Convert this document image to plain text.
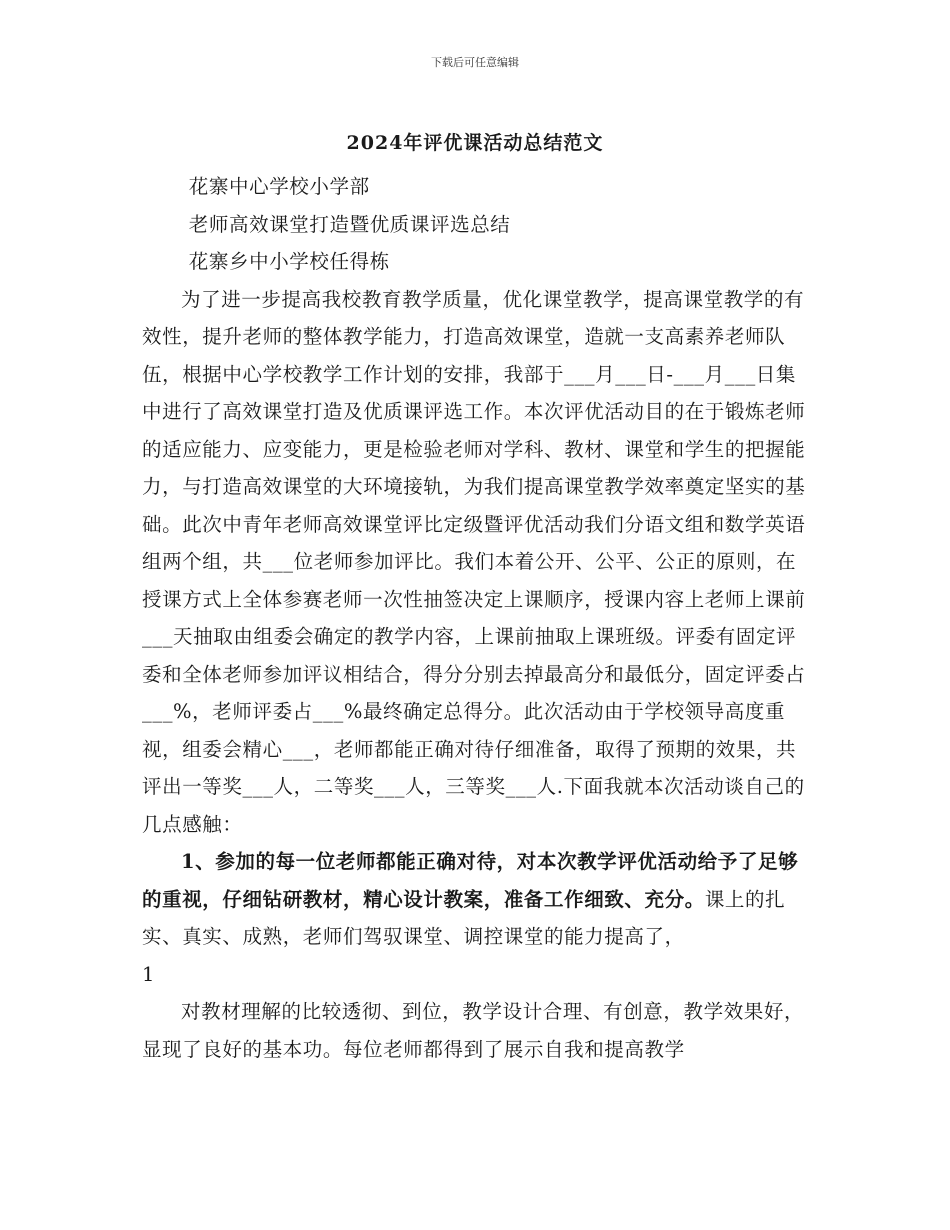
下载后可任意编辑
2024年评优课活动总结范文

花寨中心学校小学部

老师高效课堂打造暨优质课评选总结

花寨乡中小学校任得栋

为了进一步提高我校教育教学质量，优化课堂教学，提高课堂教学的有效性，提升老师的整体教学能力，打造高效课堂，造就一支高素养老师队伍，根据中心学校教学工作计划的安排，我部于___月___日-___月___日集中进行了高效课堂打造及优质课评选工作。本次评优活动目的在于锻炼老师的适应能力、应变能力，更是检验老师对学科、教材、课堂和学生的把握能力，与打造高效课堂的大环境接轨，为我们提高课堂教学效率奠定坚实的基础。此次中青年老师高效课堂评比定级暨评优活动我们分语文组和数学英语组两个组，共___位老师参加评比。我们本着公开、公平、公正的原则，在授课方式上全体参赛老师一次性抽签决定上课顺序，授课内容上老师上课前___天抽取由组委会确定的教学内容，上课前抽取上课班级。评委有固定评委和全体老师参加评议相结合，得分分别去掉最高分和最低分，固定评委占___%，老师评委占___%最终确定总得分。此次活动由于学校领导高度重视，组委会精心___，老师都能正确对待仔细准备，取得了预期的效果，共评出一等奖___人，二等奖___人，三等奖___人.下面我就本次活动谈自己的几点感触：

1、参加的每一位老师都能正确对待，对本次教学评优活动给予了足够的重视，仔细钻研教材，精心设计教案，准备工作细致、充分。课上的扎实、真实、成熟，老师们驾驭课堂、调控课堂的能力提高了，

1

对教材理解的比较透彻、到位，教学设计合理、有创意，教学效果好，显现了良好的基本功。每位老师都得到了展示自我和提高教学
